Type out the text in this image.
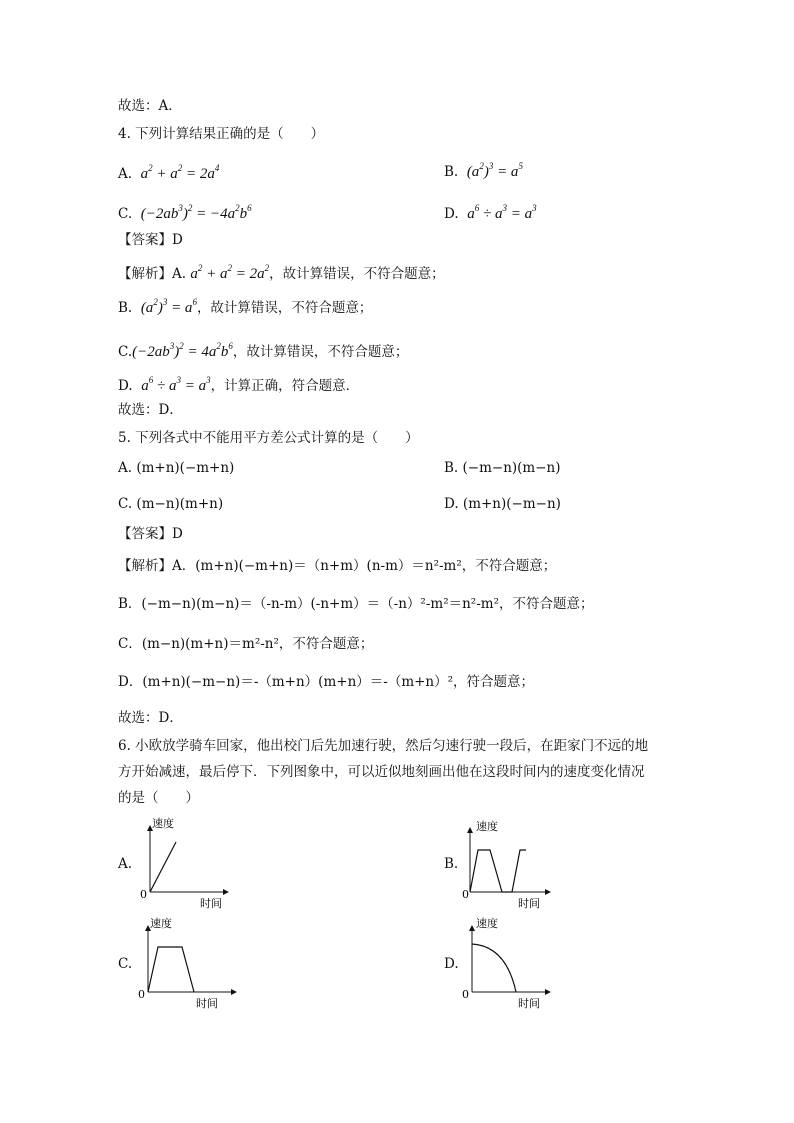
故选：A．
4. 下列计算结果正确的是（　　）
A. $a^2 + a^2 = 2a^4$	B. $(a^2)^3 = a^5$
C. $(-2ab^3)^2 = -4a^2b^6$	D. $a^6 \div a^3 = a^3$
【答案】D
【解析】A. $a^2 + a^2 = 2a^2$，故计算错误，不符合题意；
B. $(a^2)^3 = a^6$，故计算错误，不符合题意；
$C.(-2ab^3)^2 = 4a^2b^6$，故计算错误，不符合题意；
D. $a^6 \div a^3 = a^3$，计算正确，符合题意．
故选：D．
5. 下列各式中不能用平方差公式计算的是（　　）
A. (m+n)(−m+n)	B. (−m−n)(m−n)
C. (m−n)(m+n)	D. (m+n)(−m−n)
【答案】D
【解析】A．(m+n)(−m+n)＝（n+m）(n-m）＝n²-m²，不符合题意；
B．(−m−n)(m−n)＝（-n-m）(-n+m）＝（-n）²-m²＝n²-m²，不符合题意；
C．(m−n)(m+n)＝m²-n²，不符合题意；
D．(m+n)(−m−n)＝-（m+n）(m+n）＝-（m+n）²，符合题意；
故选：D．
6. 小欧放学骑车回家，他出校门后先加速行驶，然后匀速行驶一段后，在距家门不远的地
方开始减速，最后停下．下列图象中，可以近似地刻画出他在这段时间内的速度变化情况
的是（　　）
A.
速度
0
时间
B.
速度
0
时间
C.
速度
0
时间
D.
速度
0
时间
